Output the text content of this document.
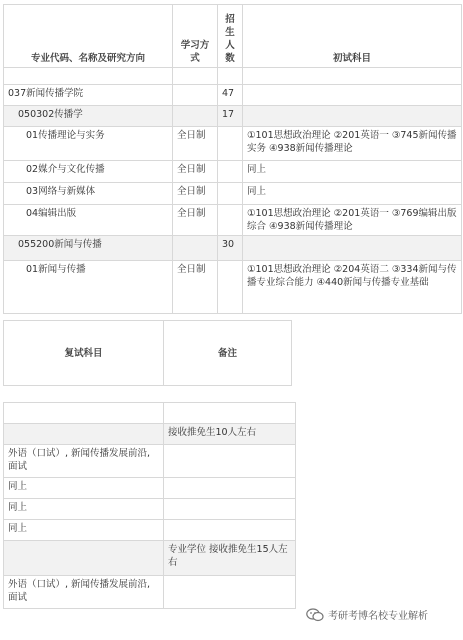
专业代码、名称及研究方向	学习方式	招生人数	初试科目

037新闻传播学院		47	
050302传播学		17	
01传播理论与实务	全日制		①101思想政治理论 ②201英语一 ③745新闻传播实务 ④938新闻传播理论
02媒介与文化传播	全日制		同上
03网络与新媒体	全日制		同上
04编辑出版	全日制		①101思想政治理论 ②201英语一 ③769编辑出版综合 ④938新闻传播理论
055200新闻与传播		30	
01新闻与传播	全日制		①101思想政治理论 ②204英语二 ③334新闻与传播专业综合能力 ④440新闻与传播专业基础
复试科目	备注

	接收推免生10人左右
外语（口试）, 新闻传播发展前沿, 面试	
同上	
同上	
同上	
	专业学位 接收推免生15人左右
外语（口试）, 新闻传播发展前沿, 面试	
考研考博名校专业解析
